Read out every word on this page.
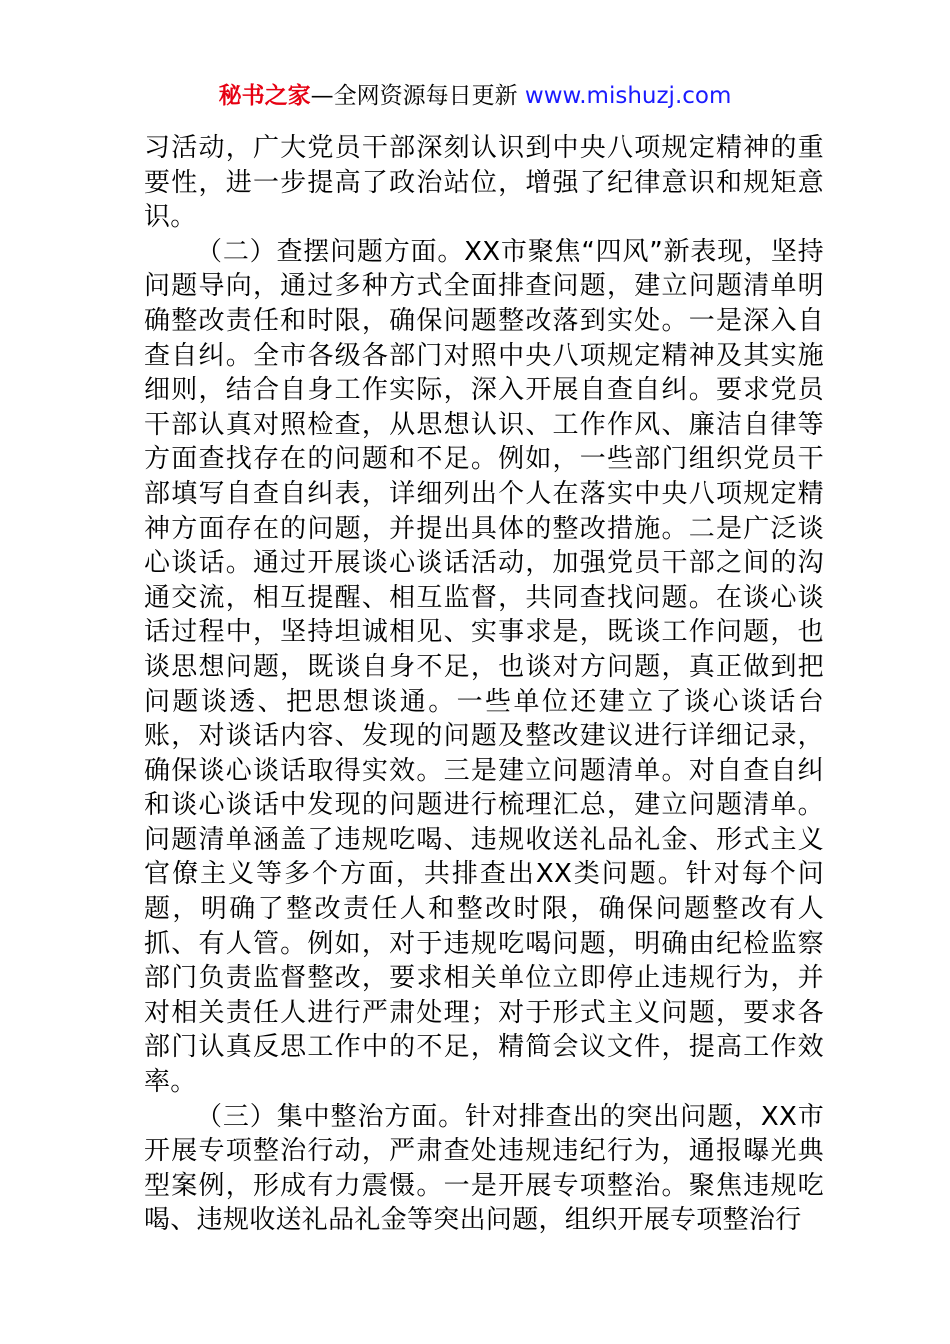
秘书之家—全网资源每日更新 www.mishuzj.com

习活动，广大党员干部深刻认识到中央八项规定精神的重要性，进一步提高了政治站位，增强了纪律意识和规矩意识。

（二）查摆问题方面。XX市聚焦“四风”新表现，坚持问题导向，通过多种方式全面排查问题，建立问题清单明确整改责任和时限，确保问题整改落到实处。一是深入自查自纠。全市各级各部门对照中央八项规定精神及其实施细则，结合自身工作实际，深入开展自查自纠。要求党员干部认真对照检查，从思想认识、工作作风、廉洁自律等方面查找存在的问题和不足。例如，一些部门组织党员干部填写自查自纠表，详细列出个人在落实中央八项规定精神方面存在的问题，并提出具体的整改措施。二是广泛谈心谈话。通过开展谈心谈话活动，加强党员干部之间的沟通交流，相互提醒、相互监督，共同查找问题。在谈心谈话过程中，坚持坦诚相见、实事求是，既谈工作问题，也谈思想问题，既谈自身不足，也谈对方问题，真正做到把问题谈透、把思想谈通。一些单位还建立了谈心谈话台账，对谈话内容、发现的问题及整改建议进行详细记录，确保谈心谈话取得实效。三是建立问题清单。对自查自纠和谈心谈话中发现的问题进行梳理汇总，建立问题清单。问题清单涵盖了违规吃喝、违规收送礼品礼金、形式主义官僚主义等多个方面，共排查出XX类问题。针对每个问题，明确了整改责任人和整改时限，确保问题整改有人抓、有人管。例如，对于违规吃喝问题，明确由纪检监察部门负责监督整改，要求相关单位立即停止违规行为，并对相关责任人进行严肃处理；对于形式主义问题，要求各部门认真反思工作中的不足，精简会议文件，提高工作效率。

（三）集中整治方面。针对排查出的突出问题，XX市开展专项整治行动，严肃查处违规违纪行为，通报曝光典型案例，形成有力震慑。一是开展专项整治。聚焦违规吃喝、违规收送礼品礼金等突出问题，组织开展专项整治行
